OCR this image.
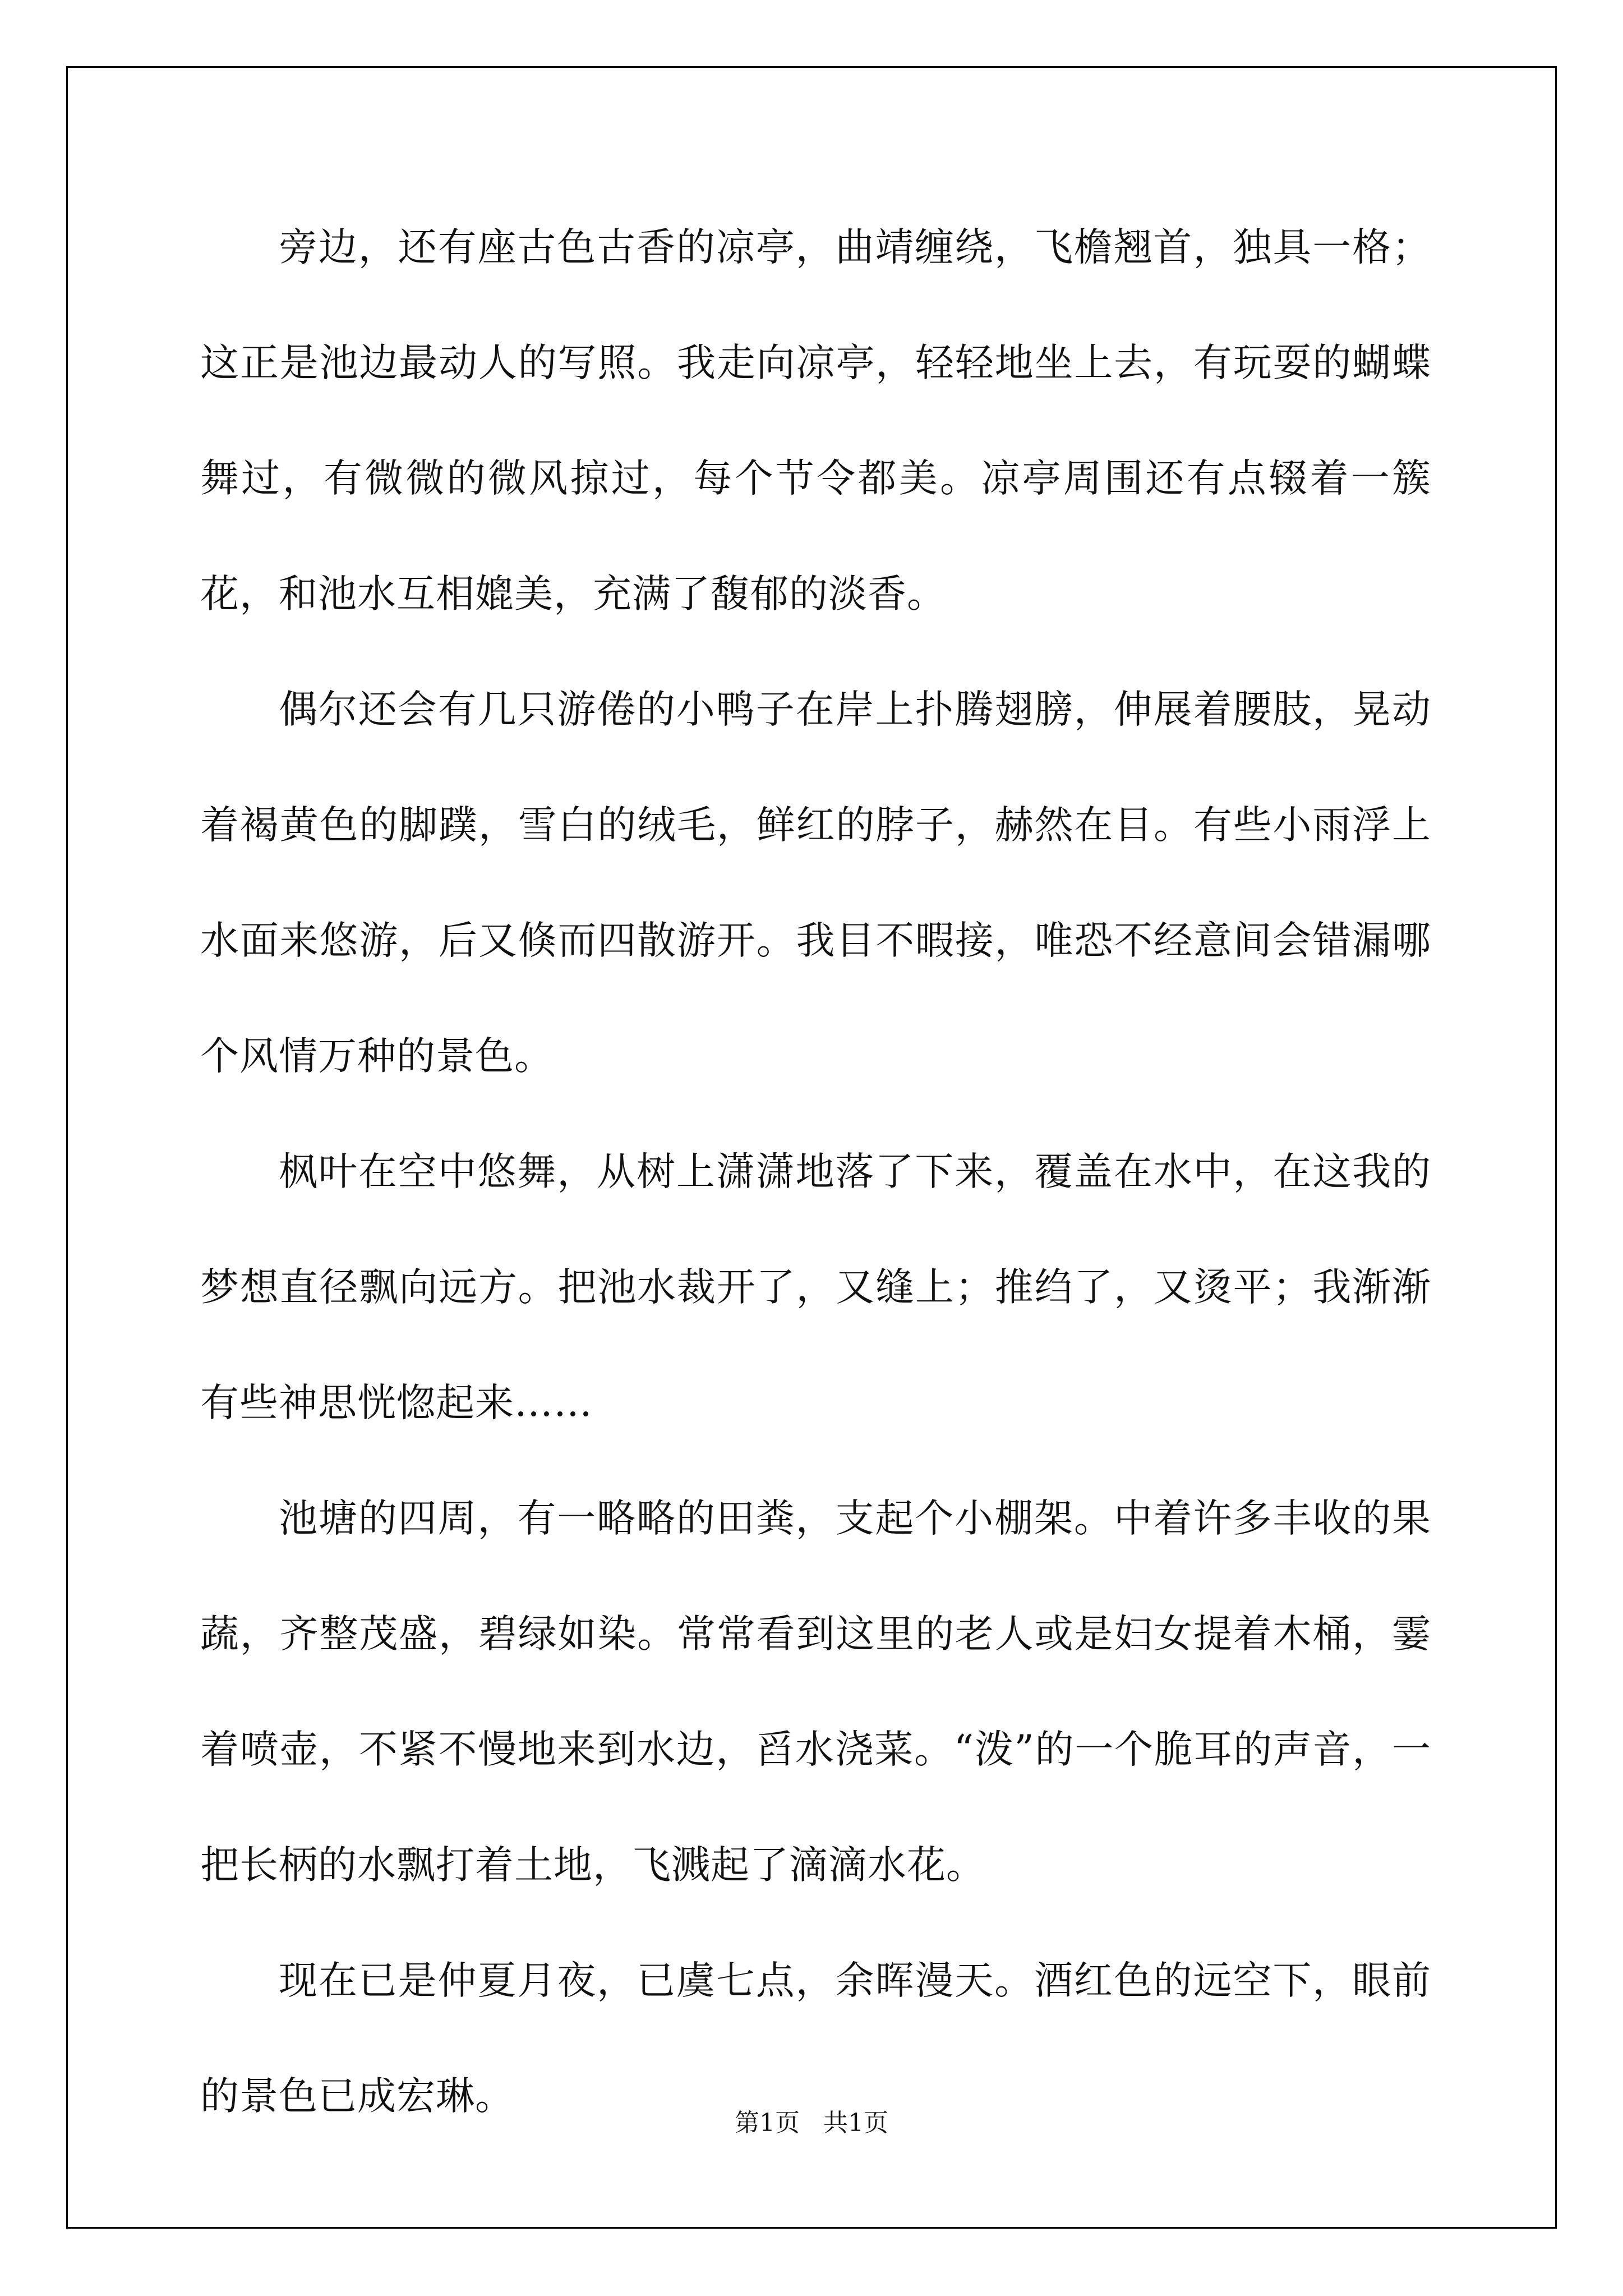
旁边，还有座古色古香的凉亭，曲靖缠绕，飞檐翘首，独具一格；这正是池边最动人的写照。我走向凉亭，轻轻地坐上去，有玩耍的蝴蝶舞过，有微微的微风掠过，每个节令都美。凉亭周围还有点辍着一簇花，和池水互相媲美，充满了馥郁的淡香。

偶尔还会有几只游倦的小鸭子在岸上扑腾翅膀，伸展着腰肢，晃动着褐黄色的脚蹼，雪白的绒毛，鲜红的脖子，赫然在目。有些小雨浮上水面来悠游，后又倏而四散游开。我目不暇接，唯恐不经意间会错漏哪个风情万种的景色。

枫叶在空中悠舞，从树上潇潇地落了下来，覆盖在水中，在这我的梦想直径飘向远方。把池水裁开了，又缝上；推绉了，又烫平；我渐渐有些神思恍惚起来……

池塘的四周，有一略略的田粪，支起个小棚架。中着许多丰收的果蔬，齐整茂盛，碧绿如染。常常看到这里的老人或是妇女提着木桶，霎着喷壶，不紧不慢地来到水边，舀水浇菜。“泼”的一个脆耳的声音，一把长柄的水飘打着土地，飞溅起了滴滴水花。

现在已是仲夏月夜，已虞七点，余晖漫天。酒红色的远空下，眼前的景色已成宏琳。

第1页 共1页
